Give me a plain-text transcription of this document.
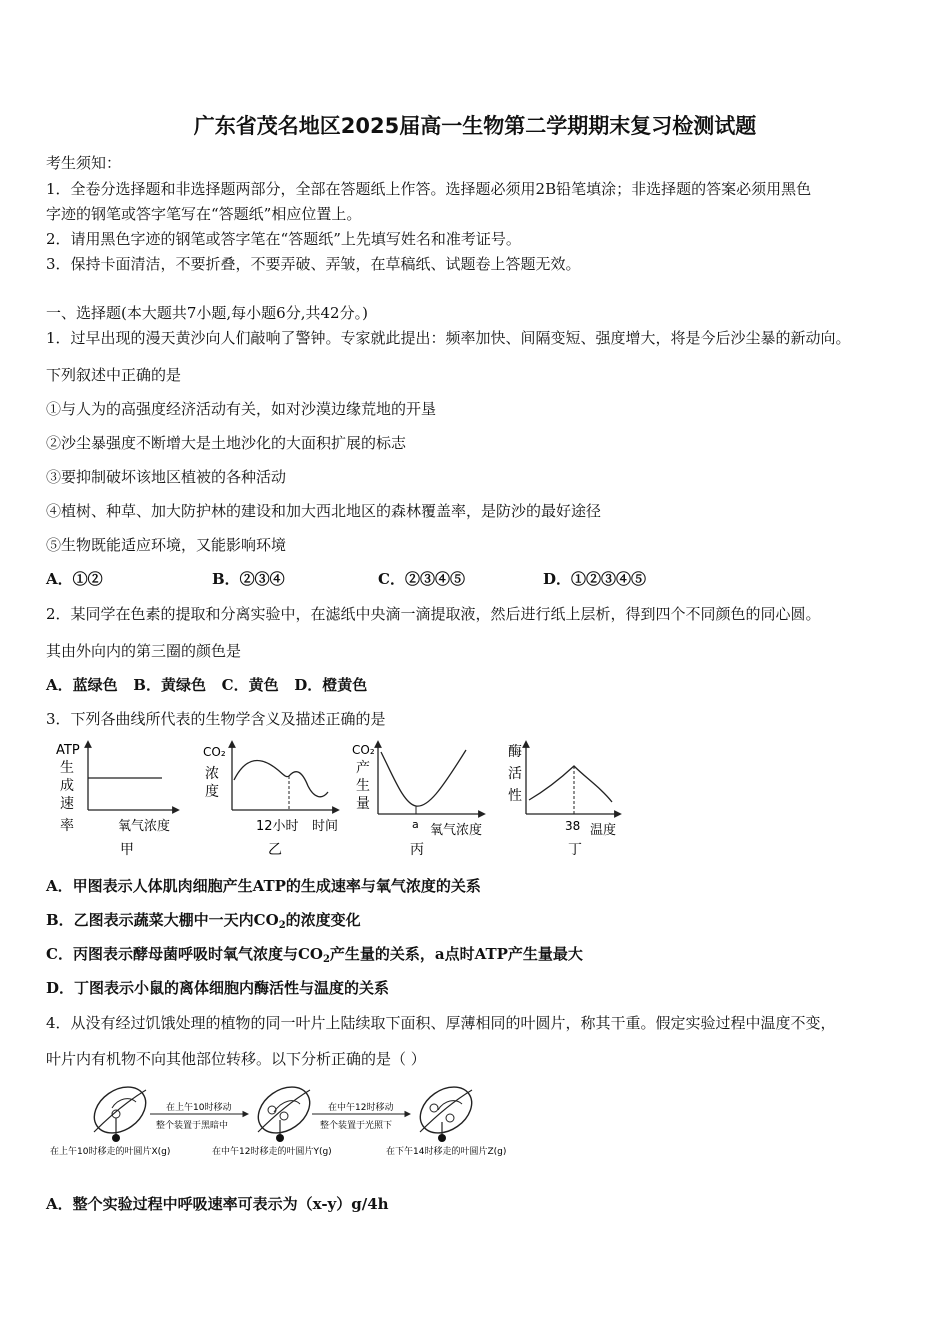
广东省茂名地区2025届高一生物第二学期期末复习检测试题
考生须知：
1．全卷分选择题和非选择题两部分，全部在答题纸上作答。选择题必须用2B铅笔填涂；非选择题的答案必须用黑色
字迹的钢笔或答字笔写在“答题纸”相应位置上。
2．请用黑色字迹的钢笔或答字笔在“答题纸”上先填写姓名和准考证号。
3．保持卡面清洁，不要折叠，不要弄破、弄皱，在草稿纸、试题卷上答题无效。
一、选择题(本大题共7小题,每小题6分,共42分。)
1．过早出现的漫天黄沙向人们敲响了警钟。专家就此提出：频率加快、间隔变短、强度增大，将是今后沙尘暴的新动向。
下列叙述中正确的是
①与人为的高强度经济活动有关，如对沙漠边缘荒地的开垦
②沙尘暴强度不断增大是土地沙化的大面积扩展的标志
③要抑制破坏该地区植被的各种活动
④植树、种草、加大防护林的建设和加大西北地区的森林覆盖率，是防沙的最好途径
⑤生物既能适应环境，又能影响环境
A．①②	B．②③④	C．②③④⑤	D．①②③④⑤
2．某同学在色素的提取和分离实验中，在滤纸中央滴一滴提取液，然后进行纸上层析，得到四个不同颜色的同心圆。
其由外向内的第三圈的颜色是
A．蓝绿色   B．黄绿色   C．黄色   D．橙黄色
3．下列各曲线所代表的生物学含义及描述正确的是
ATP
生
成
速
率	氧气浓度
甲
CO₂
浓
度
12小时 时间
乙
CO₂
产
生
量
a 氧气浓度
丙
酶
活
性
38 温度
丁
A．甲图表示人体肌肉细胞产生ATP的生成速率与氧气浓度的关系
B．乙图表示蔬菜大棚中一天内$CO_2$的浓度变化
C．丙图表示酵母菌呼吸时氧气浓度与$CO_2$产生量的关系，a点时ATP产生量最大
D．丁图表示小鼠的离体细胞内酶活性与温度的关系
4．从没有经过饥饿处理的植物的同一叶片上陆续取下面积、厚薄相同的叶圆片，称其干重。假定实验过程中温度不变，
叶片内有机物不向其他部位转移。以下分析正确的是（ ）
在上午10时移动
整个装置于黑暗中
在中午12时移动
整个装置于光照下
在上午10时移走的叶圆片X(g)	在中午12时移走的叶圆片Y(g)	在下午14时移走的叶圆片Z(g)
A．整个实验过程中呼吸速率可表示为（x-y）g/4h
